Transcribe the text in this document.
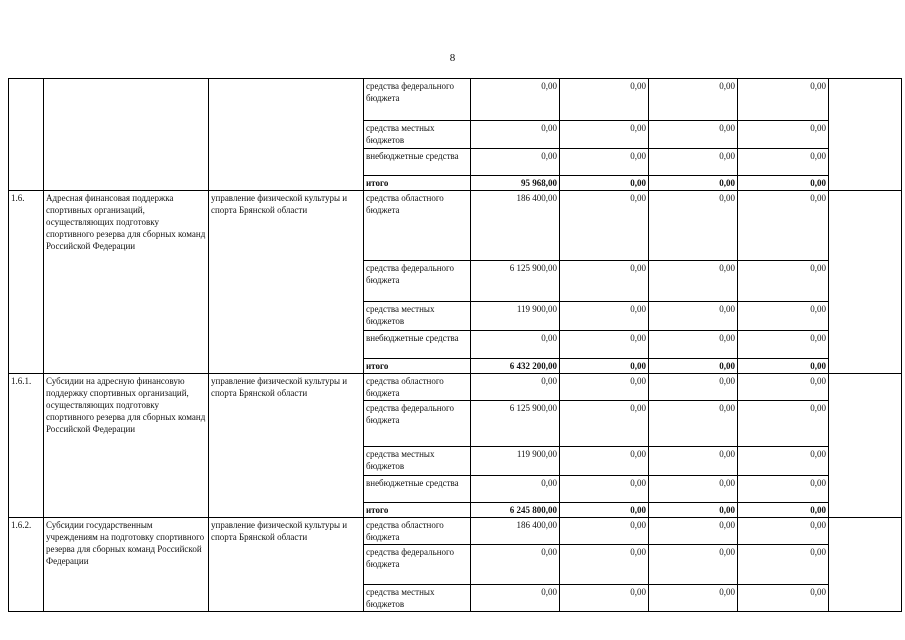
8
			средства федерального бюджета	0,00	0,00	0,00	0,00	
			средства местных бюджетов	0,00	0,00	0,00	0,00	
			внебюджетные средства	0,00	0,00	0,00	0,00	
			итого	95 968,00	0,00	0,00	0,00	
1.6.	Адресная финансовая поддержка спортивных организаций, осуществляющих подготовку спортивного резерва для сборных команд Российской Федерации	управление физической культуры и спорта Брянской области	средства областного бюджета	186 400,00	0,00	0,00	0,00	
			средства федерального бюджета	6 125 900,00	0,00	0,00	0,00	
			средства местных бюджетов	119 900,00	0,00	0,00	0,00	
			внебюджетные средства	0,00	0,00	0,00	0,00	
			итого	6 432 200,00	0,00	0,00	0,00	
1.6.1.	Субсидии на адресную финансовую поддержку спортивных организаций, осуществляющих подготовку спортивного резерва для сборных команд Российской Федерации	управление физической культуры и спорта Брянской области	средства областного бюджета	0,00	0,00	0,00	0,00	
			средства федерального бюджета	6 125 900,00	0,00	0,00	0,00	
			средства местных бюджетов	119 900,00	0,00	0,00	0,00	
			внебюджетные средства	0,00	0,00	0,00	0,00	
			итого	6 245 800,00	0,00	0,00	0,00	
1.6.2.	Субсидии государственным учреждениям на подготовку спортивного резерва для сборных команд Российской Федерации	управление физической культуры и спорта Брянской области	средства областного бюджета	186 400,00	0,00	0,00	0,00	
			средства федерального бюджета	0,00	0,00	0,00	0,00	
			средства местных бюджетов	0,00	0,00	0,00	0,00	
